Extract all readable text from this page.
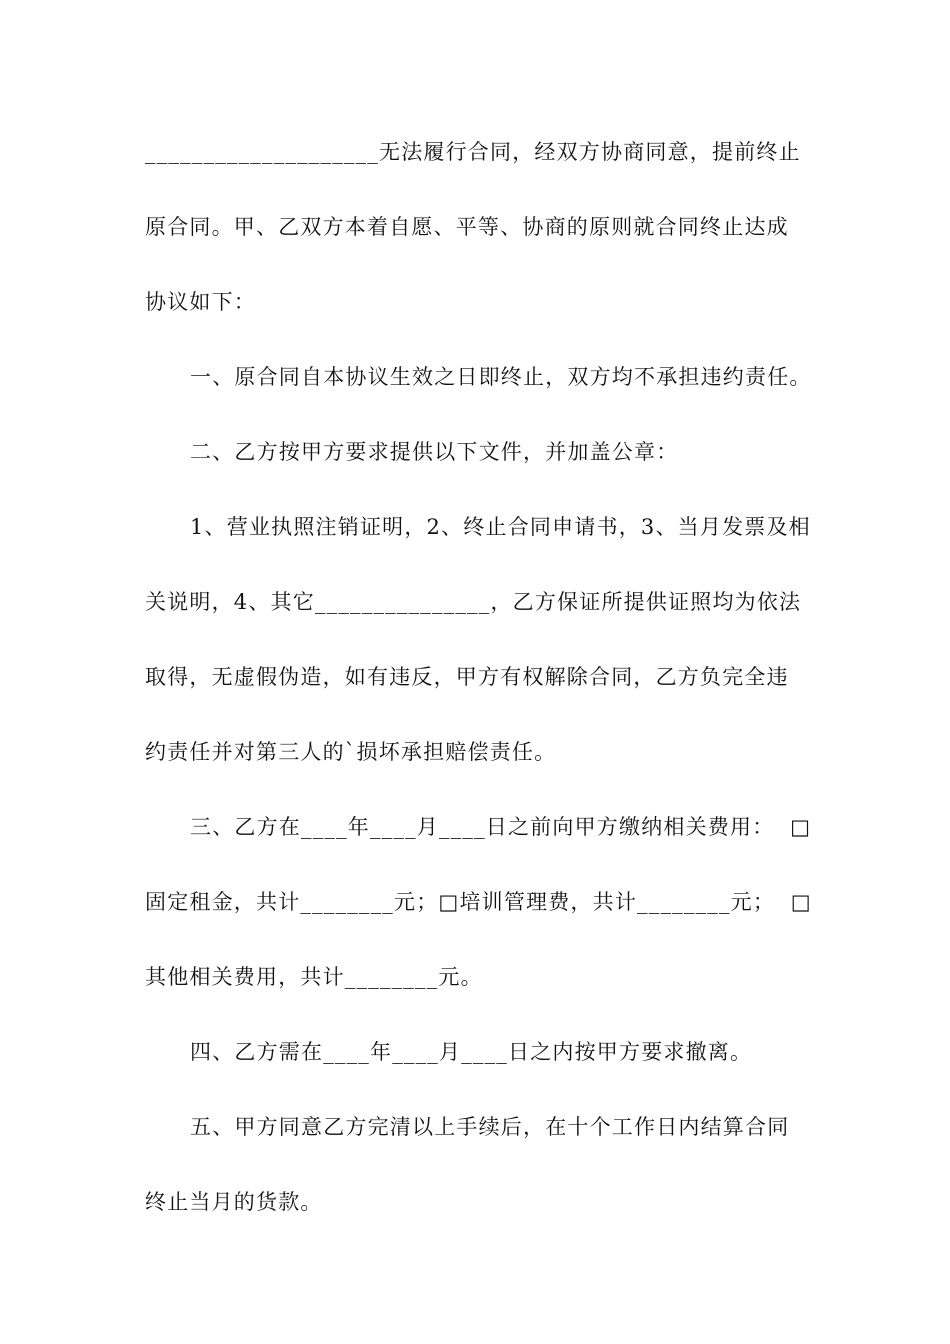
____________________无法履行合同，经双方协商同意，提前终止
原合同。甲、乙双方本着自愿、平等、协商的原则就合同终止达成
协议如下：
一、原合同自本协议生效之日即终止，双方均不承担违约责任。
二、乙方按甲方要求提供以下文件，并加盖公章：
1、营业执照注销证明，2、终止合同申请书，3、当月发票及相
关说明，4、其它_______________，乙方保证所提供证照均为依法
取得，无虚假伪造，如有违反，甲方有权解除合同，乙方负完全违
约责任并对第三人的`损坏承担赔偿责任。
三、乙方在____年____月____日之前向甲方缴纳相关费用：  □
固定租金，共计________元；□培训管理费，共计________元；  □
其他相关费用，共计________元。
四、乙方需在____年____月____日之内按甲方要求撤离。
五、甲方同意乙方完清以上手续后，在十个工作日内结算合同
终止当月的货款。
